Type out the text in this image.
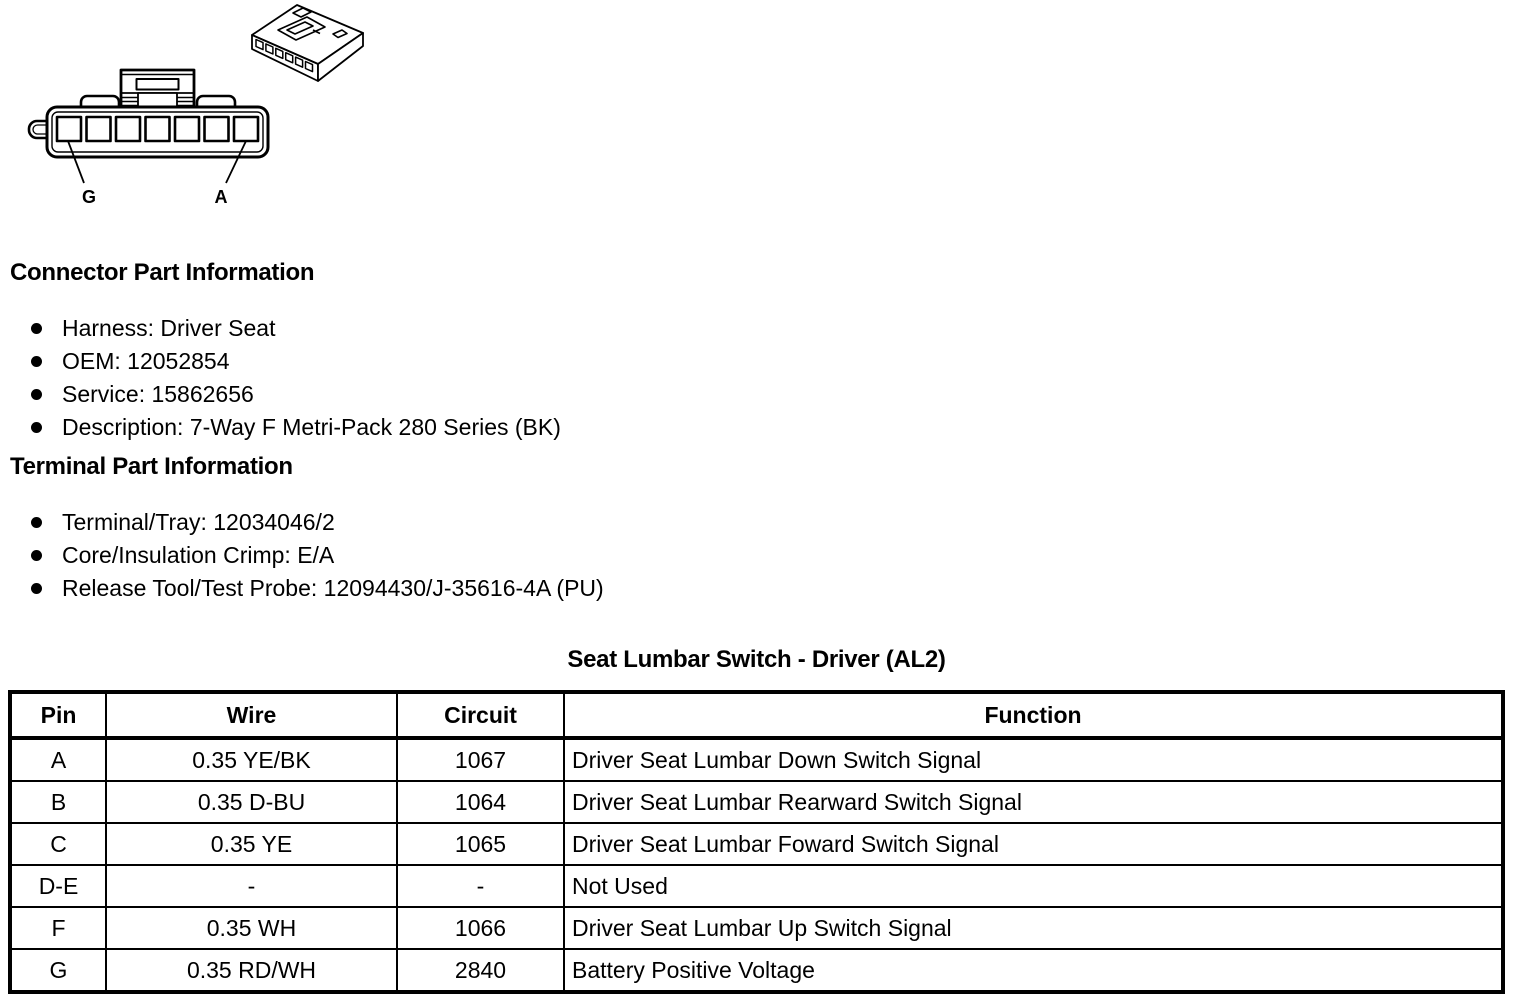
G	A
Connector Part Information
Harness: Driver Seat
OEM: 12052854
Service: 15862656
Description: 7-Way F Metri-Pack 280 Series (BK)
Terminal Part Information
Terminal/Tray: 12034046/2
Core/Insulation Crimp: E/A
Release Tool/Test Probe: 12094430/J-35616-4A (PU)
Seat Lumbar Switch - Driver (AL2)
Pin	Wire	Circuit	Function
A	0.35 YE/BK	1067	Driver Seat Lumbar Down Switch Signal
B	0.35 D-BU	1064	Driver Seat Lumbar Rearward Switch Signal
C	0.35 YE	1065	Driver Seat Lumbar Foward Switch Signal
D-E	-	-	Not Used
F	0.35 WH	1066	Driver Seat Lumbar Up Switch Signal
G	0.35 RD/WH	2840	Battery Positive Voltage
